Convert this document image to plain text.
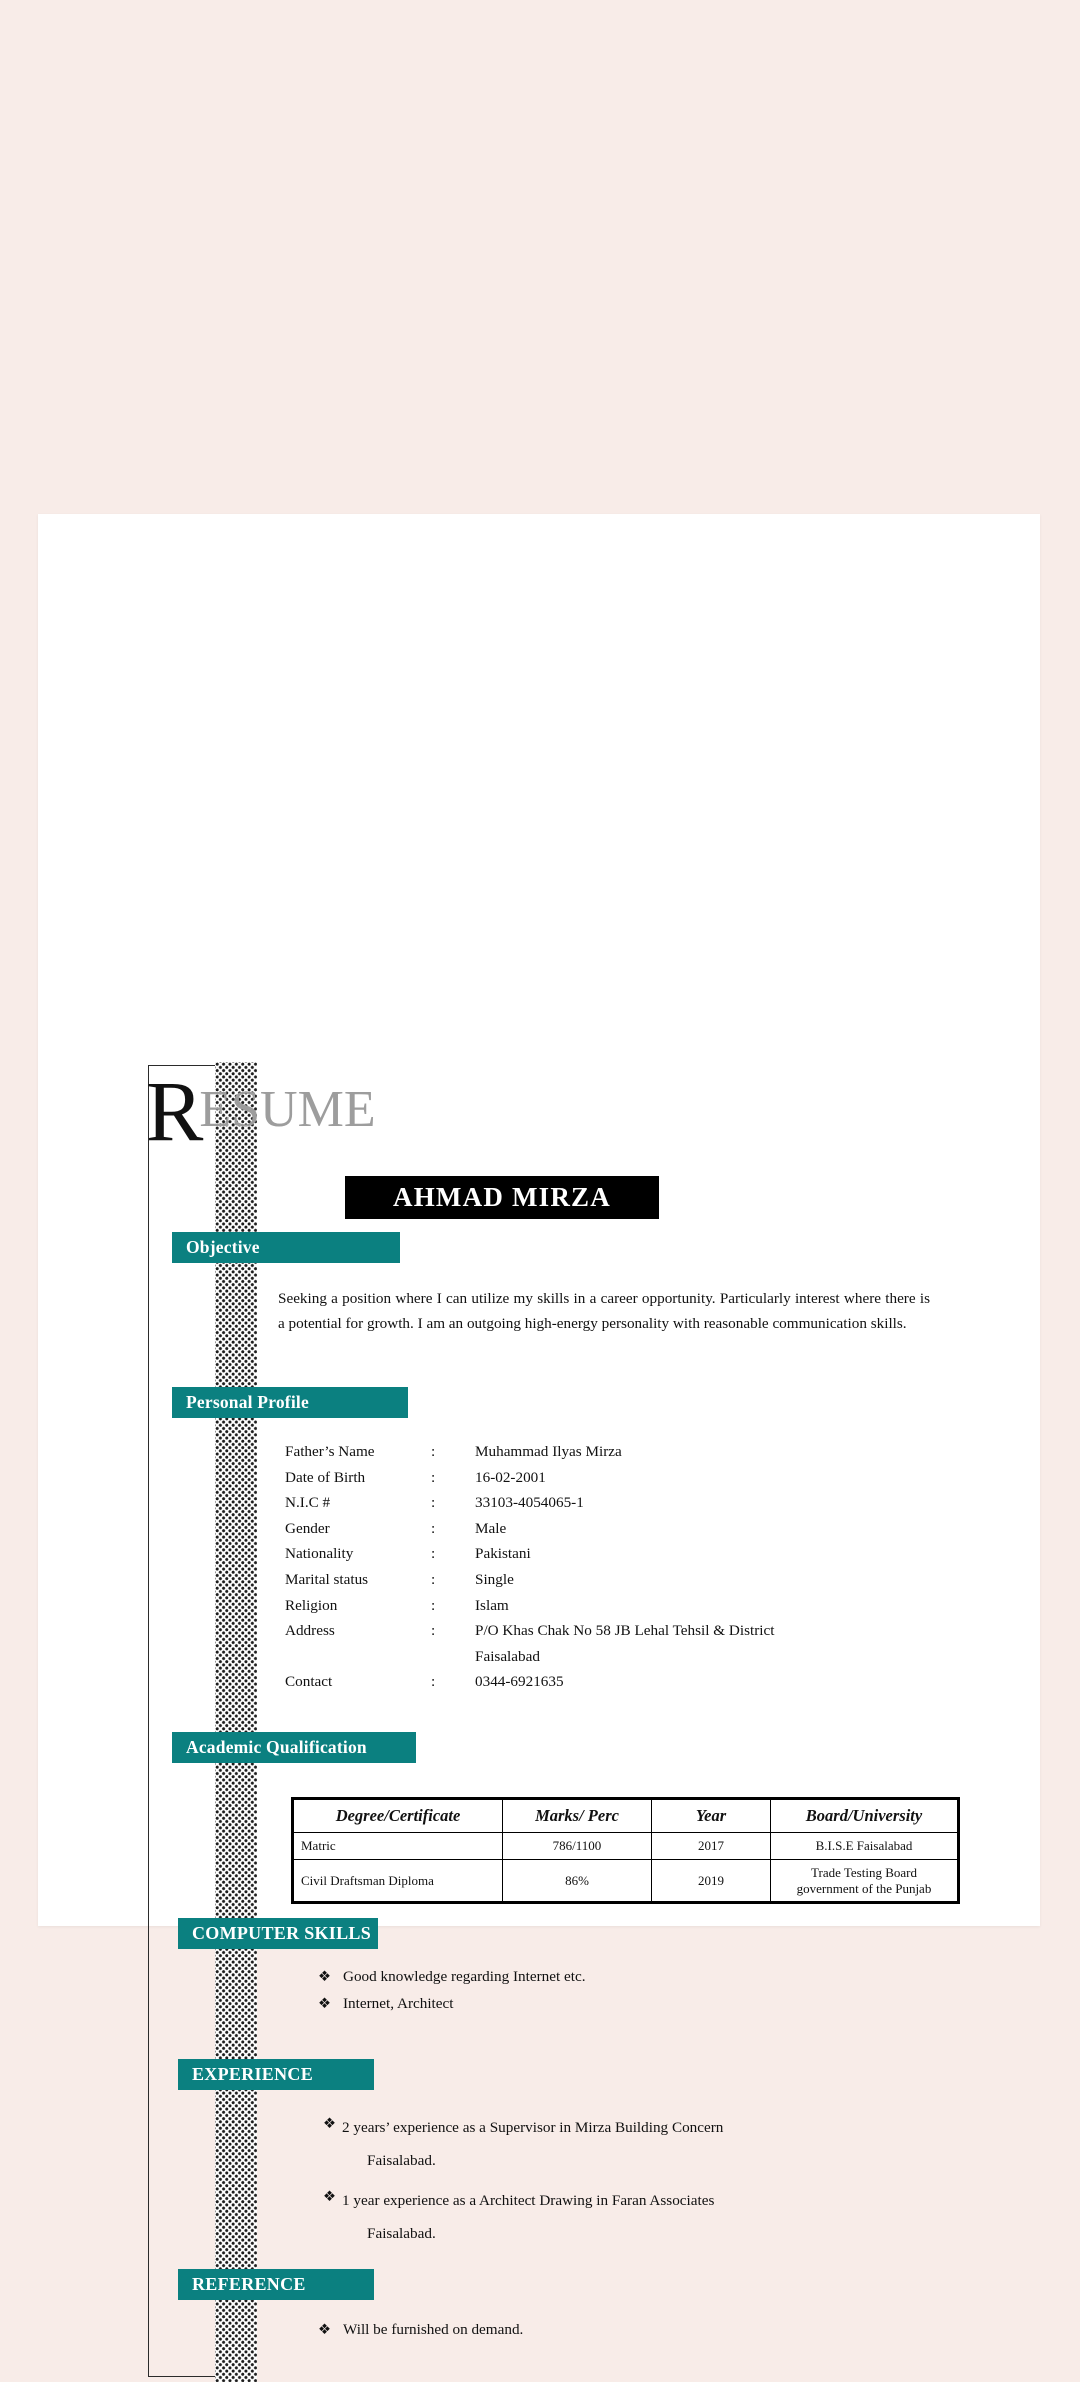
RESUME
AHMAD MIRZA
Objective
Seeking a position where I can utilize my skills in a career opportunity. Particularly interest where there is a potential for growth. I am an outgoing high-energy personality with reasonable communication skills.
Personal Profile
Father’s Name	:	Muhammad Ilyas Mirza
Date of Birth	:	16-02-2001
N.I.C #	:	33103-4054065-1
Gender	:	Male
Nationality	:	Pakistani
Marital status	:	Single
Religion	:	Islam
Address	:	P/O Khas Chak No 58 JB Lehal Tehsil & District
Faisalabad
Contact	:	0344-6921635
Academic Qualification
Degree/Certificate	Marks/ Perc	Year	Board/University
Matric	786/1100	2017	B.I.S.E Faisalabad
Civil Draftsman Diploma	86%	2019	Trade Testing Board
government of the Punjab
COMPUTER SKILLS
❖ Good knowledge regarding Internet etc.
❖ Internet, Architect
EXPERIENCE
❖ 2 years’ experience as a Supervisor in Mirza Building Concern
Faisalabad.
❖ 1 year experience as a Architect Drawing in Faran Associates
Faisalabad.
REFERENCE
❖ Will be furnished on demand.
